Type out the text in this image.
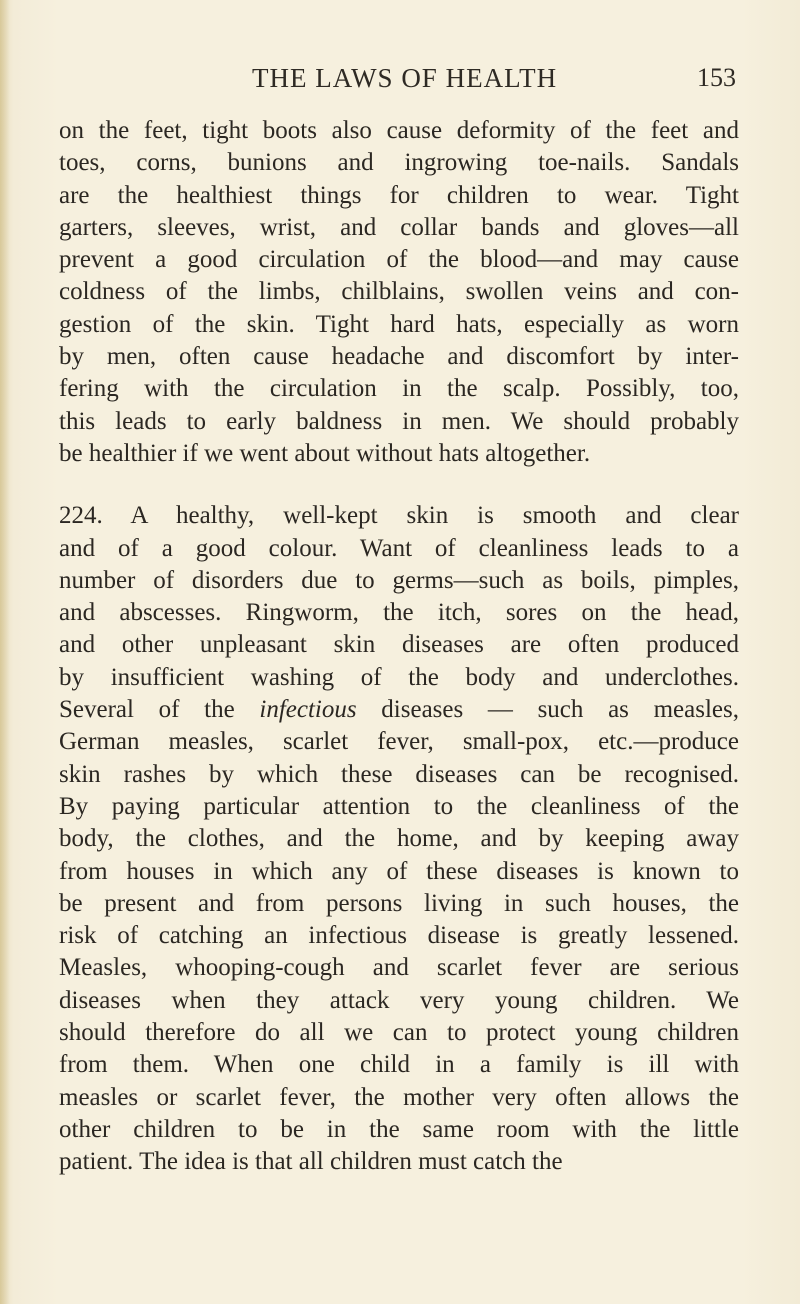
THE LAWS OF HEALTH	153

on the feet, tight boots also cause deformity of the feet and
toes, corns, bunions and ingrowing toe-nails. Sandals
are the healthiest things for children to wear. Tight
garters, sleeves, wrist, and collar bands and gloves—all
prevent a good circulation of the blood—and may cause
coldness of the limbs, chilblains, swollen veins and con-
gestion of the skin. Tight hard hats, especially as worn
by men, often cause headache and discomfort by inter-
fering with the circulation in the scalp. Possibly, too,
this leads to early baldness in men. We should probably
be healthier if we went about without hats altogether.

224. A healthy, well-kept skin is smooth and clear
and of a good colour. Want of cleanliness leads to a
number of disorders due to germs—such as boils, pimples,
and abscesses. Ringworm, the itch, sores on the head,
and other unpleasant skin diseases are often produced
by insufficient washing of the body and underclothes.
Several of the infectious diseases — such as measles,
German measles, scarlet fever, small-pox, etc.—produce
skin rashes by which these diseases can be recognised.
By paying particular attention to the cleanliness of the
body, the clothes, and the home, and by keeping away
from houses in which any of these diseases is known to
be present and from persons living in such houses, the
risk of catching an infectious disease is greatly lessened.
Measles, whooping-cough and scarlet fever are serious
diseases when they attack very young children. We
should therefore do all we can to protect young children
from them. When one child in a family is ill with
measles or scarlet fever, the mother very often allows the
other children to be in the same room with the little
patient. The idea is that all children must catch the
